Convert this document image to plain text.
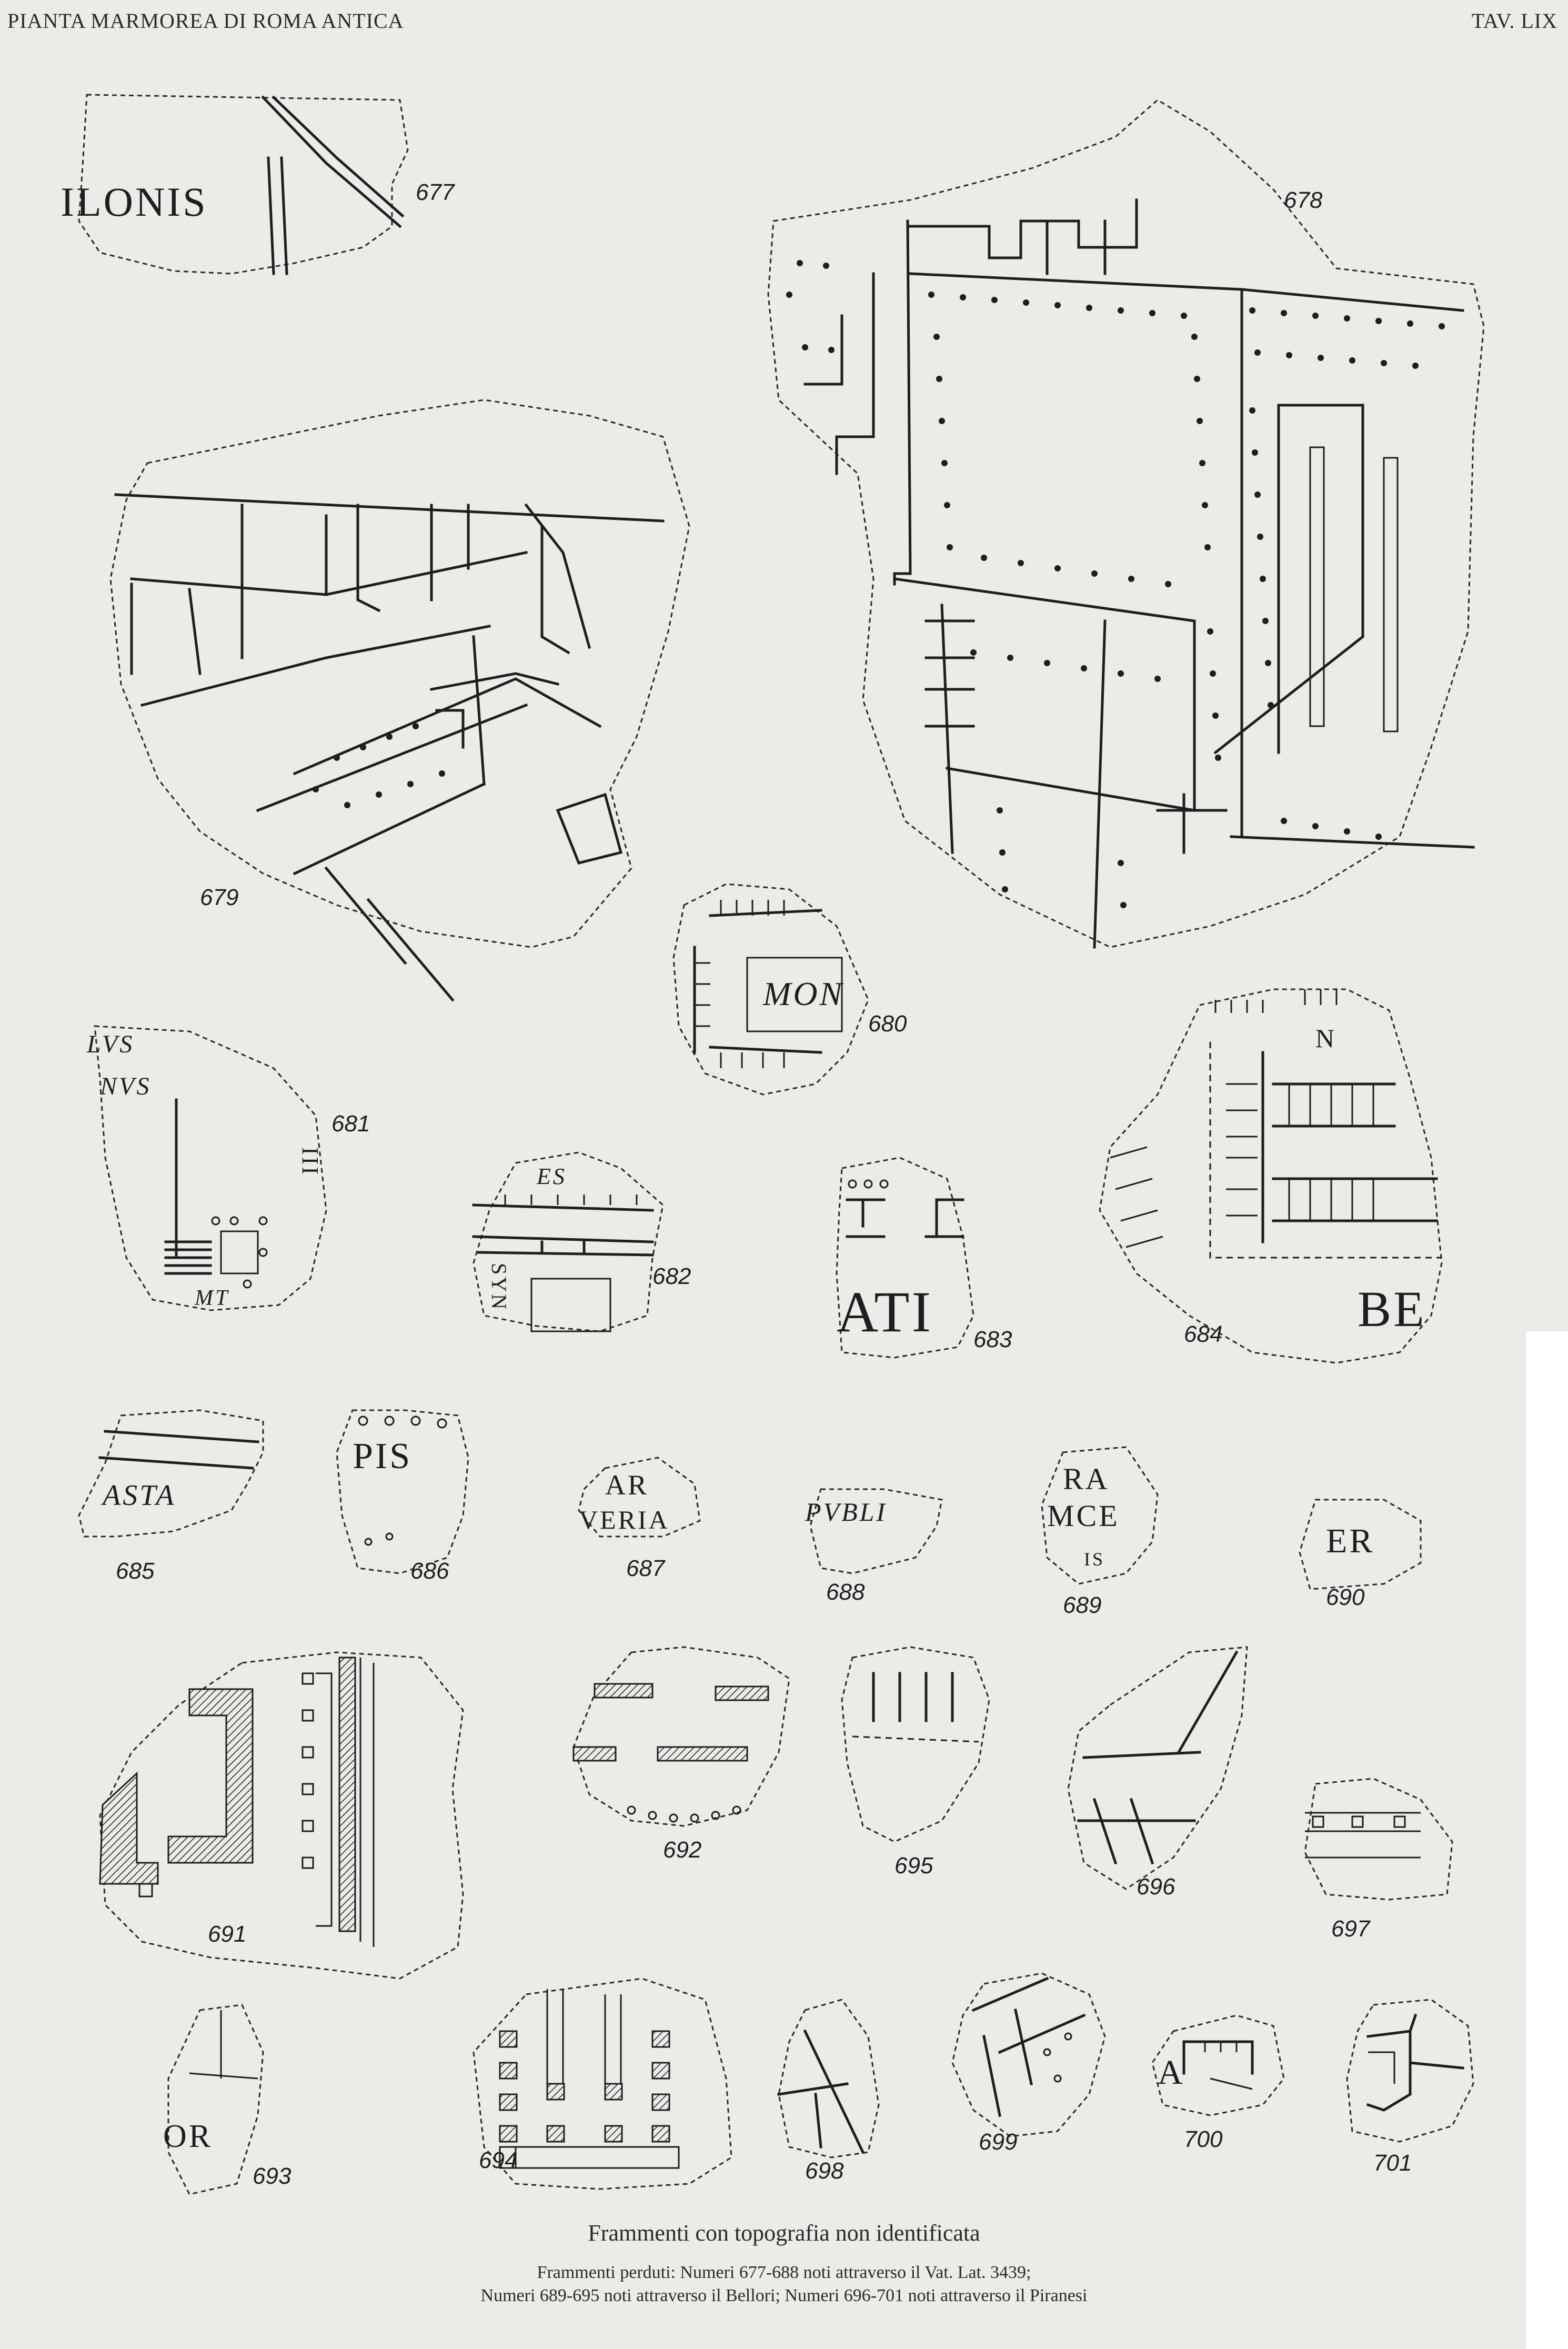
PIANTA MARMOREA DI ROMA ANTICA	TAV. LIX
ILONIS	677	678
679
MON
680
LVS
NVS
III
MT
681
ES
SYN	682
ATI 683
N
BE
684
ASTA
685
PIS
686
AR
VERIA
687
PVBLI
688
RA
MCE
IS
689
ER
690
691
692
OR
693
694
695
696
697
698
699
A
700
701
Frammenti con topografia non identificata
Frammenti perduti: Numeri 677-688 noti attraverso il Vat. Lat. 3439;
Numeri 689-695 noti attraverso il Bellori; Numeri 696-701 noti attraverso il Piranesi
